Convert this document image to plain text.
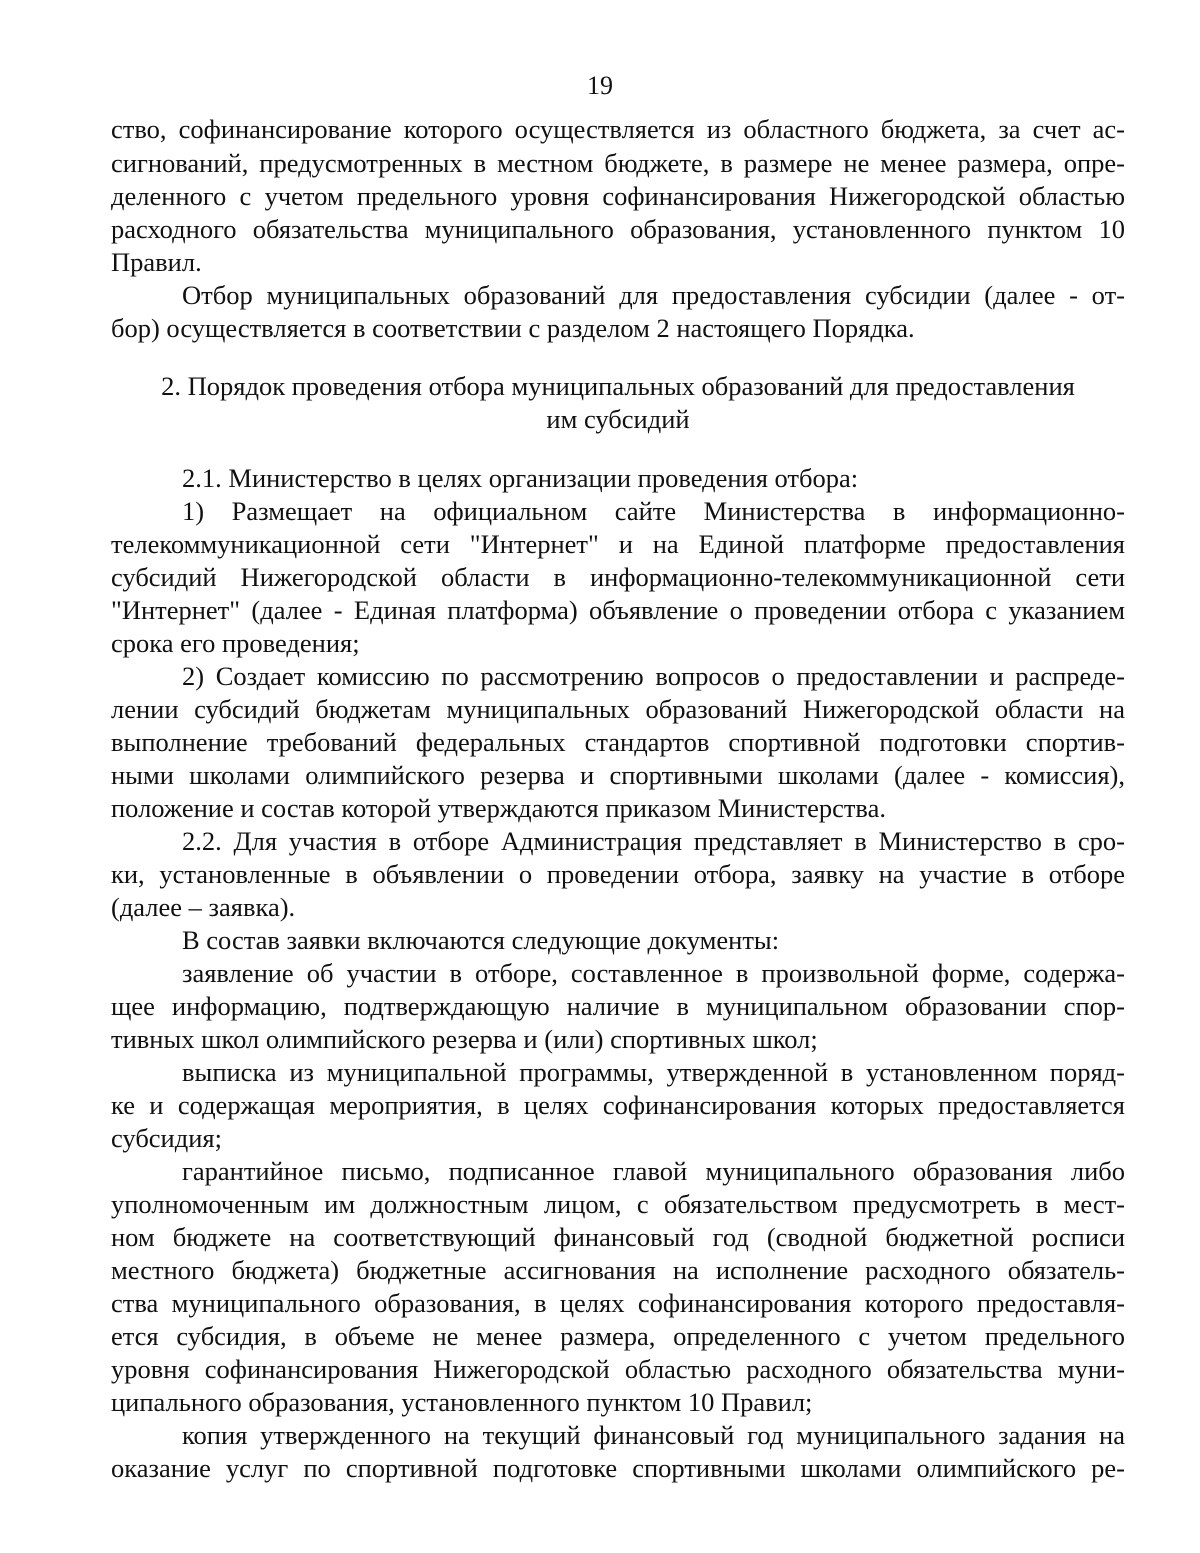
19
ство, софинансирование которого осуществляется из областного бюджета, за счет ас-
сигнований, предусмотренных в местном бюджете, в размере не менее размера, опре-
деленного с учетом предельного уровня софинансирования Нижегородской областью
расходного обязательства муниципального образования, установленного пунктом 10
Правил.
Отбор муниципальных образований для предоставления субсидии (далее - от-
бор) осуществляется в соответствии с разделом 2 настоящего Порядка.
2. Порядок проведения отбора муниципальных образований для предоставления
им субсидий
2.1. Министерство в целях организации проведения отбора:
1) Размещает на официальном сайте Министерства в информационно-
телекоммуникационной сети "Интернет" и на Единой платформе предоставления
субсидий Нижегородской области в информационно-телекоммуникационной сети
"Интернет" (далее - Единая платформа) объявление о проведении отбора с указанием
срока его проведения;
2) Создает комиссию по рассмотрению вопросов о предоставлении и распреде-
лении субсидий бюджетам муниципальных образований Нижегородской области на
выполнение требований федеральных стандартов спортивной подготовки спортив-
ными школами олимпийского резерва и спортивными школами (далее - комиссия),
положение и состав которой утверждаются приказом Министерства.
2.2. Для участия в отборе Администрация представляет в Министерство в сро-
ки, установленные в объявлении о проведении отбора, заявку на участие в отборе
(далее – заявка).
В состав заявки включаются следующие документы:
заявление об участии в отборе, составленное в произвольной форме, содержа-
щее информацию, подтверждающую наличие в муниципальном образовании спор-
тивных школ олимпийского резерва и (или) спортивных школ;
выписка из муниципальной программы, утвержденной в установленном поряд-
ке и содержащая мероприятия, в целях софинансирования которых предоставляется
субсидия;
гарантийное письмо, подписанное главой муниципального образования либо
уполномоченным им должностным лицом, с обязательством предусмотреть в мест-
ном бюджете на соответствующий финансовый год (сводной бюджетной росписи
местного бюджета) бюджетные ассигнования на исполнение расходного обязатель-
ства муниципального образования, в целях софинансирования которого предоставля-
ется субсидия, в объеме не менее размера, определенного с учетом предельного
уровня софинансирования Нижегородской областью расходного обязательства муни-
ципального образования, установленного пунктом 10 Правил;
копия утвержденного на текущий финансовый год муниципального задания на
оказание услуг по спортивной подготовке спортивными школами олимпийского ре-
